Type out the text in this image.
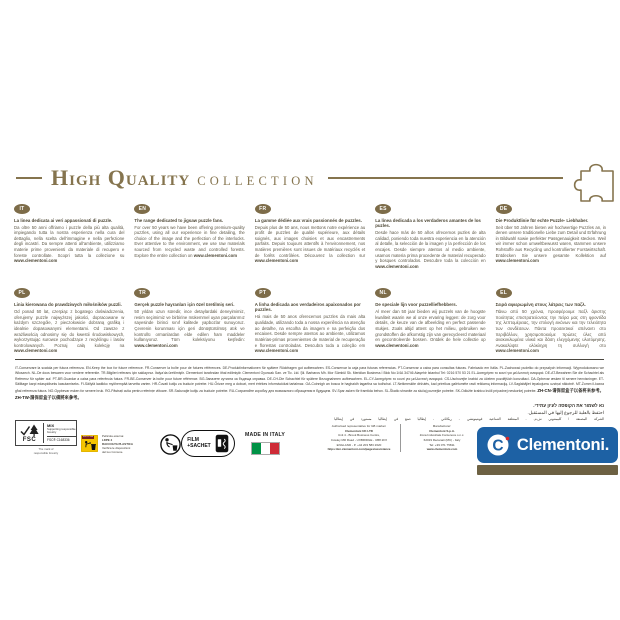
High Quality COLLECTION
IT
La linea dedicata ai veri appassionati di puzzle.

Da oltre 50 anni offriamo i puzzle della più alta qualità, impiegando tutta la nostra esperienza nella cura del dettaglio, nella scelta dell'immagine e nella perfezione degli incastri. Da sempre attenti all'ambiente, utilizziamo materie prime provenienti da materiale di recupero e foreste controllate. Scopri tutta la collezione su www.clementoni.com

EN
The range dedicated to jigsaw puzzle fans.

For over 50 years we have been offering premium-quality puzzles, using all our experience in fine detailing, the choice of the image and the perfection of the interlocks. Ever attentive to the environment, we use raw materials sourced from recycled waste and controlled forests. Explore the entire collection on www.clementoni.com

FR
La gamme dédiée aux vrais passionnés de puzzles.

Depuis plus de 50 ans, nous mettons notre expérience au profit de puzzles de qualité supérieure, aux détails soignés, aux images choisies et aux encastrements parfaits. Depuis toujours attentifs à l'environnement, nos matières premières sont issues de matériaux recyclés et de forêts contrôlées. Découvrez la collection sur www.clementoni.com

ES
La línea dedicada a los verdaderos amantes de los puzles.

Desde hace más de 50 años ofrecemos puzles de alta calidad, poniendo toda nuestra experiencia en la atención al detalle, la selección de la imagen y la perfección de los encajes. Desde siempre atentos al medio ambiente, usamos materia prima procedente de material recuperado y bosques controlados. Descubre toda la colección en www.clementoni.com

DE
Die Produktlinie für echte Puzzle- Liebhaber.

Seit über 50 Jahren bieten wir hochwertige Puzzles an, in denen unsere traditionelle Liebe zum Detail und Erfahrung in Bildwahl sowie perfekter Passgenauigkeit stecken. Weil wir immer schon umweltbewusst waren, stammen unsere Rohstoffe aus Recycling und kontrollierter Forstwirtschaft. Entdecken Sie unsere gesamte Kollektion auf www.clementoni.com

PL
Linia kierowana do prawdziwych miłośników puzzli.

Od ponad 50 lat, czerpiąc z bogatego doświadczenia, oferujemy puzzle najwyższej jakości, dopracowane w każdym szczególe, z pieczołowicie dobraną grafiką i idealnie dopasowanymi elementami. Od zawsze z wrażliwością odnosimy się do kwestii środowiskowych, wykorzystując surowce pochodzące z recyklingu i lasów kontrolowanych. Poznaj całą kolekcję na www.clementoni.com

TR
Gerçek puzzle hayranları için özel üretilmiş seri.

50 yıldan uzun süredir, ince detaylardaki deneyimimiz, resim seçimimiz ve birbirine mükemmel uyan parçalarımız sayesinde birinci sınıf kalitede yapbozlar sunuyoruz. Çevrenin korunması için geri dönüştürülmüş atık ve kontrollü ormanlardan elde edilen ham maddeler kullanıyoruz. Tüm koleksiyonu keşfedin: www.clementoni.com

PT
A linha dedicada aos verdadeiros apaixonados por puzzles.

Há mais de 50 anos oferecemos puzzles da mais alta qualidade, utilizando toda a nossa experiência na atenção ao detalhe, na escolha da imagem e na perfeição dos encaixes. Desde sempre atentos ao ambiente, utilizamos matérias-primas provenientes de material de recuperação e florestas controladas. Descubra toda a coleção em www.clementoni.com

NL
De speciale lijn voor puzzelliefhebbers.

Al meer dan 50 jaar bieden wij puzzels van de hoogste kwaliteit waarin we al onze ervaring leggen: de zorg voor details, de keuze van de afbeelding en perfect passende stukjes. Zoals altijd attent op het milieu, gebruiken we grondstoffen die afkomstig zijn van gerecycleerd materiaal en gecontroleerde bossen. Ontdek de hele collectie op www.clementoni.com

EL
Σειρά αφιερωμένη στους λάτρεις των παζλ.

Πάνω από 50 χρόνια, προσφέρουμε παζλ άριστης ποιότητας επιστρατεύοντας την πείρα μας στη φροντίδα της λεπτομέρειας, την επιλογή εικόνων και την τελειότητα των συνδέσεων. Πάντα προσεκτικοί απέναντι στο περιβάλλον, χρησιμοποιούμε πρώτες ύλες από ανακυκλωμένα υλικά και δάση ελεγχόμενης υλοτόμησης. Ανακαλύψτε ολόκληρη τη συλλογή στο www.clementoni.com

IT-Conservare la scatola per futura referenza. EN-Keep the box for future reference. FR-Conserver la boîte pour de futures références. DE-Produktinformationen für spätere Rückfragen gut aufbewahren. ES-Conservar la caja para futuras referencias. PT-Conservar a caixa para consultas futuras. Fabricado em Itália. PL-Zachować pudełko do przyszłych informacji. Wyprodukowano we Włoszech. NL-De doos bewaren voor verdere referentie. TR-Bilgileri referans için saklayınız. İtalya'da üretilmiştir. Clementoni tarafından ithal edilmiştir. Clementoni Oyuncak San. ve Tic. Ltd. Şti. Barbaros Mh. Mor Sümbül Sk. Meridian Business İ Blok No:1/4A 34746 Ataşehir İstanbul Tel: 0216 570 53 21 EL-Διατηρήστε το κουτί για μελλοντική αναφορά. DE-AT-Bewahren Sie die Schachtel als Referenz für später auf. PT-BR-Guardar a caixa para referência futura. FR-BE-Conserver la boîte pour future référence. BG-Запазете кутията за бъдеща справка. DE-CH-Die Schachtel für spätere Bezugnahmen aufbewahren. EL-CY-Διατηρήστε το κουτί για μελλοντική αναφορά. CS-Uschovejte krabici za účelem pozdějších konzultací. DA-Opbevar æsken til senere henvisninger. ET-Säilitage karpi edaspidiseks kasutamiseks. FI-Säilytä laatikko myöhempää tarvetta varten. HR-Čuvati kutiju za buduće potrebe. HU-Őrizze meg a dobozt, mert értékes információkat tartalmaz. GA-Coinnigh an bosca le haghaidh tagartha sa todhchaí. LT-Neišmeskite dėžutės, kad prireikus galėtumėte rasti reikiamą informaciją. LV-Saglabājiet iepakojumu uzziņai nākotnē. MT-Żomm il-kaxxa għal referenza futura. NO-Oppbevar esken for senere bruk. RO-Păstrați cutia pentru referințe viitoare. SR-Sačuvajte kutiju za buduće potrebe. RU-Сохраняйте коробку для возможного обращения в будущем. SV-Spar asken för framtida behov. SL-Škatlo shranite za slučaj poznejše potrebe. SK-Odložte krabicu kvôli prípadnej neskoršej potrebe. ZH-CN-请保留盒子以备将来参考。 ZH-TW-請保留盒子以備將來參考。

נא לשמור את הקופסה לעיון עתידי.

احتفظ بالعلبة للرجوع إليها في المستقبل.

الشركة المصنعة / كليمنتوني ش.م. - المنطقة الصناعية فونتينوتشي - ريكاناتي - إيطاليا صنع في إيطاليا مستورد في إيطاليا

FSC
MIX
Supporting responsible forestry
FSC® C168336
The mark of
responsible forestry
RICICLA	Pellicola esterna:
LDPE 4
RACCOLTA PLASTICA
Verifica le disposizioni
del tuo Comune.
FILM
+SACHET
MADE IN ITALY
Authorised representative for GB market:
Clementoni UK LTD
Unit 4 - Brook Business Centre,
Cowley Mill Road - UXBRIDGE - UB8 2FX
ENGLAND - P. +44 203 583 2620
https://en.clementoni.com/pages/assistance
Manufacturer:
Clementoni S.p.A.
Zona Industriale Fontenoce s.n.c.
62019 Recanati (MC) - Italy
Tel: +39 071 75811
www.clementoni.com	C Clementoni.
